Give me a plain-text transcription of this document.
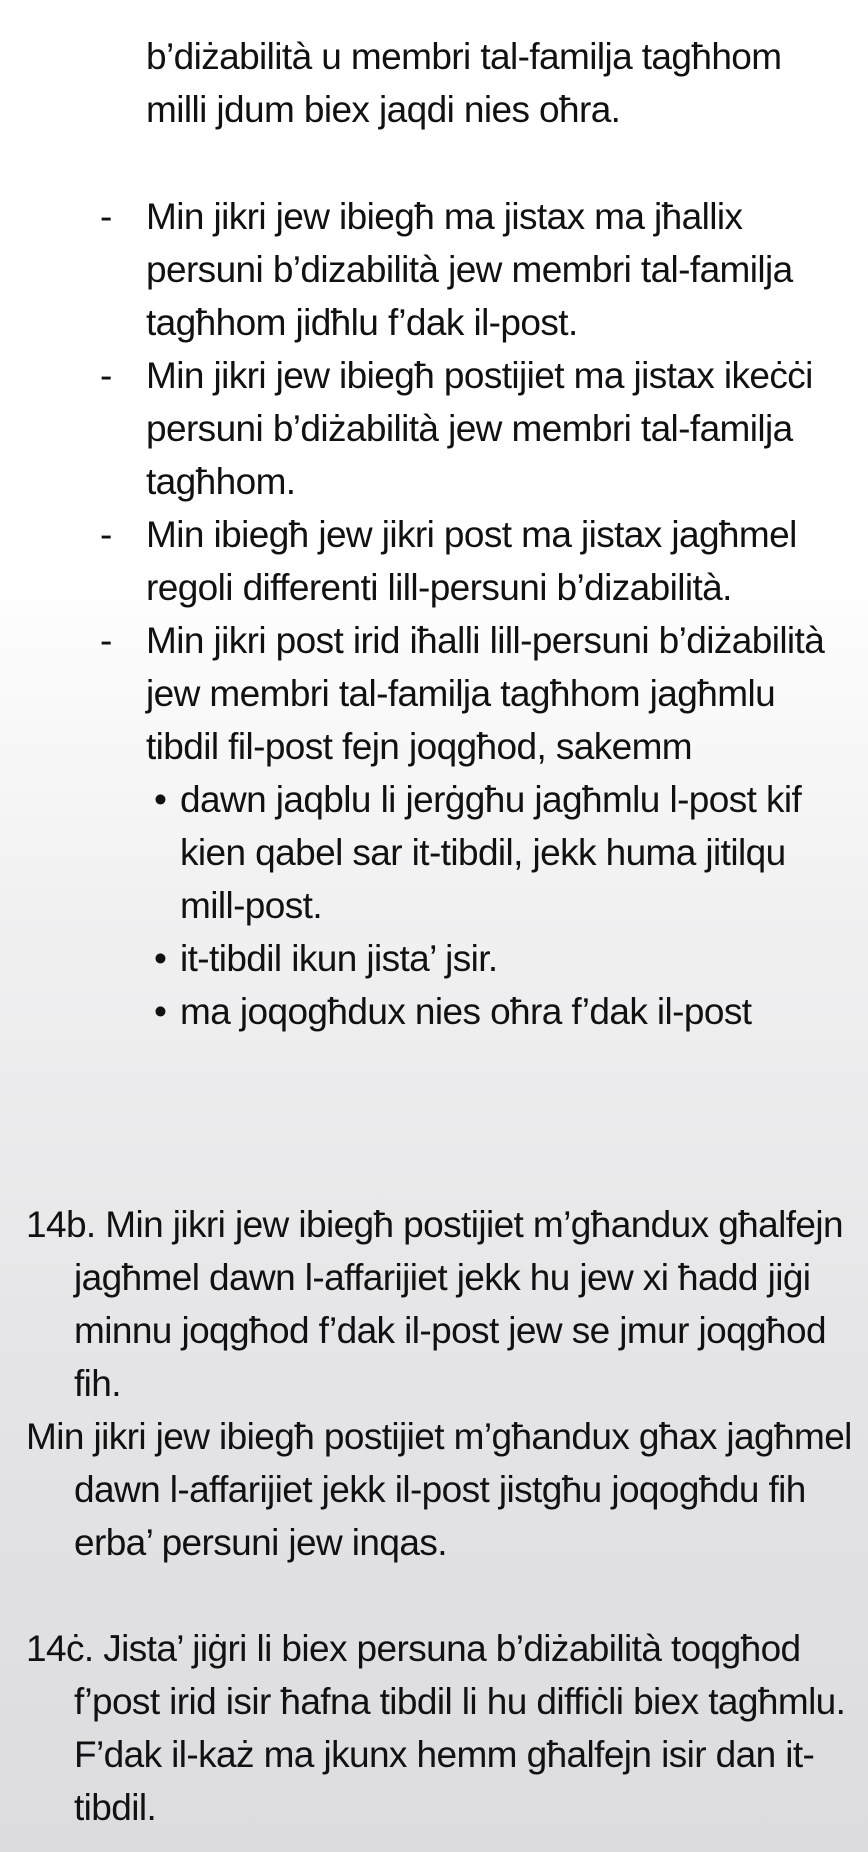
b’diżabilità u membri tal-familja tagħhom milli jdum biex jaqdi nies oħra.
- Min jikri jew ibiegħ ma jistax ma jħallix persuni b’dizabilità jew membri tal-familja tagħhom jidħlu f’dak il-post.
- Min jikri jew ibiegħ postijiet ma jistax ikeċċi persuni b’diżabilità jew membri tal-familja tagħhom.
- Min ibiegħ jew jikri post ma jistax jagħmel regoli differenti lill-persuni b’dizabilità.
- Min jikri post irid iħalli lill-persuni b’diżabilità jew membri tal-familja tagħhom jagħmlu tibdil fil-post fejn joqgħod, sakemm
• dawn jaqblu li jerġgħu jagħmlu l-post kif kien qabel sar it-tibdil, jekk huma jitilqu mill-post.
• it-tibdil ikun jista’ jsir.
• ma joqogħdux nies oħra f’dak il-post
14b. Min jikri jew ibiegħ postijiet m’għandux għalfejn jagħmel dawn l-affarijiet jekk hu jew xi ħadd jiġi minnu joqgħod f’dak il-post jew se jmur joqgħod fih.
Min jikri jew ibiegħ postijiet m’għandux għax jagħmel dawn l-affarijiet jekk il-post jistgħu joqogħdu fih erba’ persuni jew inqas.
14ċ. Jista’ jiġri li biex persuna b’diżabilità toqgħod f’post irid isir ħafna tibdil li hu diffiċli biex tagħmlu. F’dak il-każ ma jkunx hemm għalfejn isir dan it-tibdil.
